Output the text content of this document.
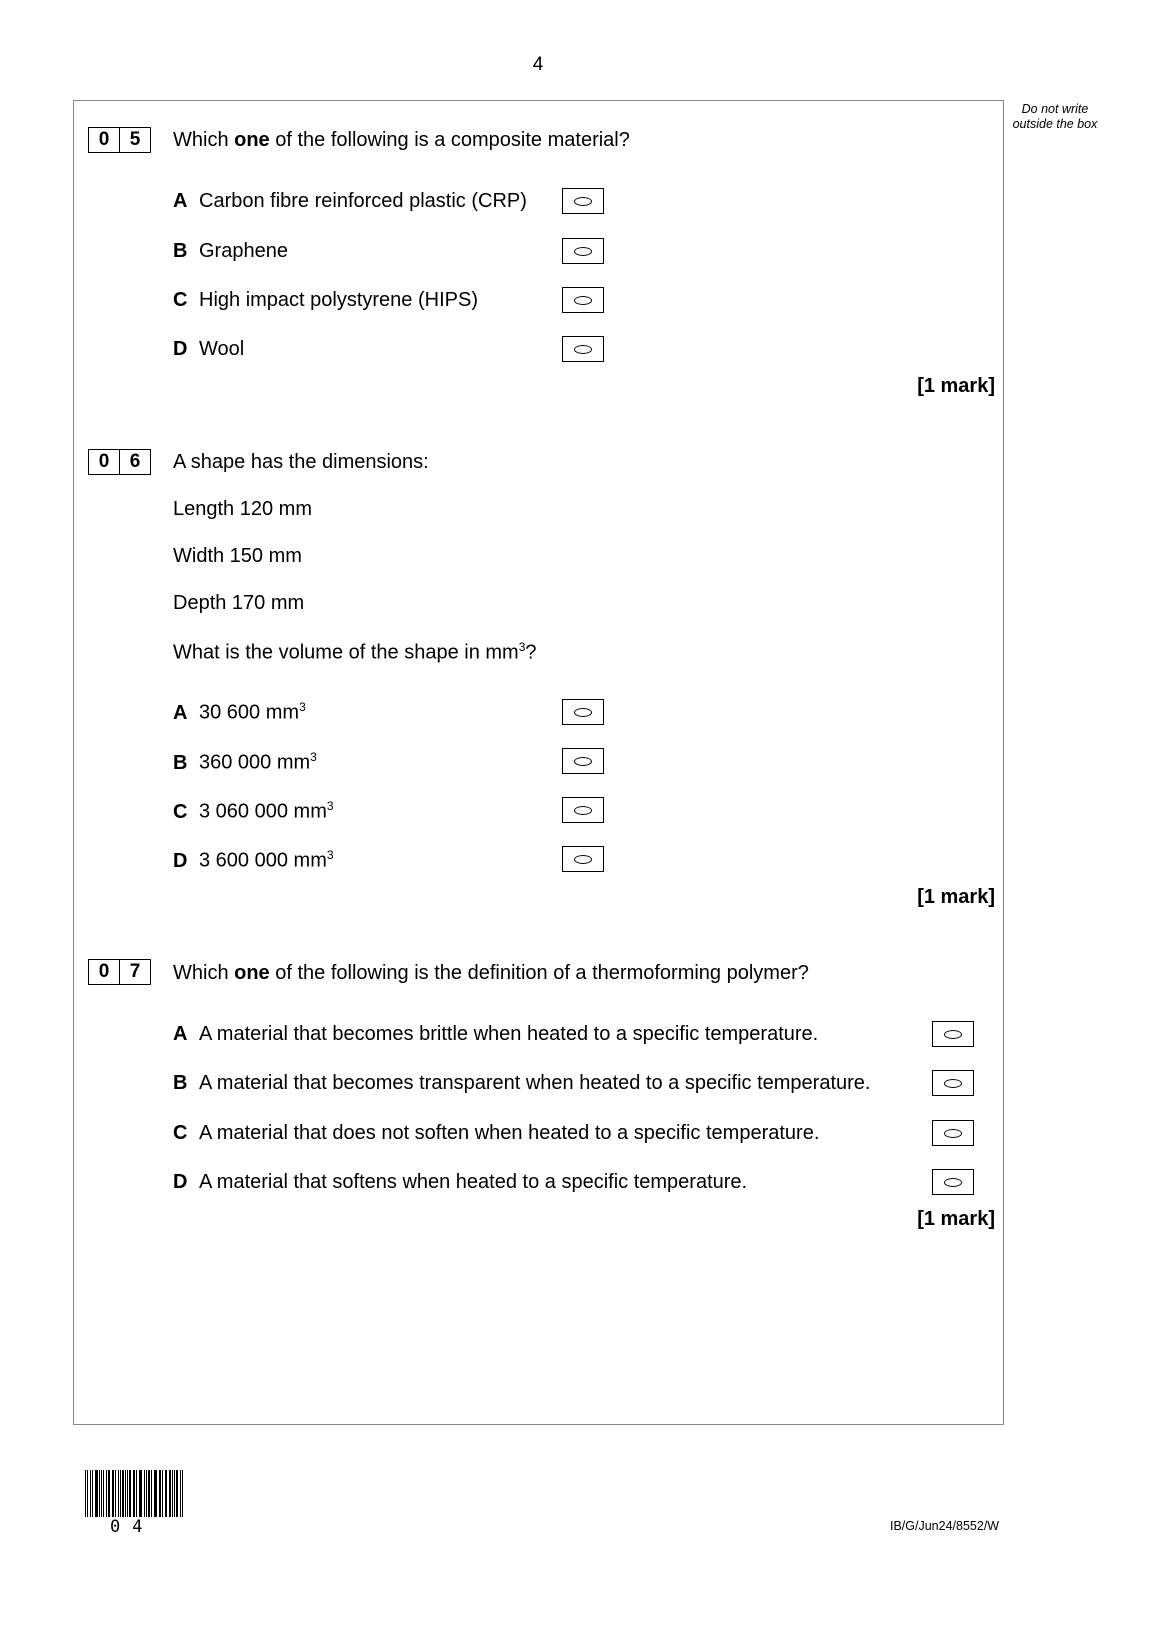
4
Do not write outside the box
0	5	Which one of the following is a composite material?
A Carbon fibre reinforced plastic (CRP)
B Graphene
C High impact polystyrene (HIPS)
D Wool
[1 mark]
0	6	A shape has the dimensions:
Length 120 mm
Width 150 mm
Depth 170 mm
What is the volume of the shape in $mm^3$?
A 30 600 $mm^3$
B 360 000 $mm^3$
C 3 060 000 $mm^3$
D 3 600 000 $mm^3$
[1 mark]
0	7	Which one of the following is the definition of a thermoforming polymer?
A A material that becomes brittle when heated to a specific temperature.
B A material that becomes transparent when heated to a specific temperature.
C A material that does not soften when heated to a specific temperature.
D A material that softens when heated to a specific temperature.
[1 mark]
04	IB/G/Jun24/8552/W
